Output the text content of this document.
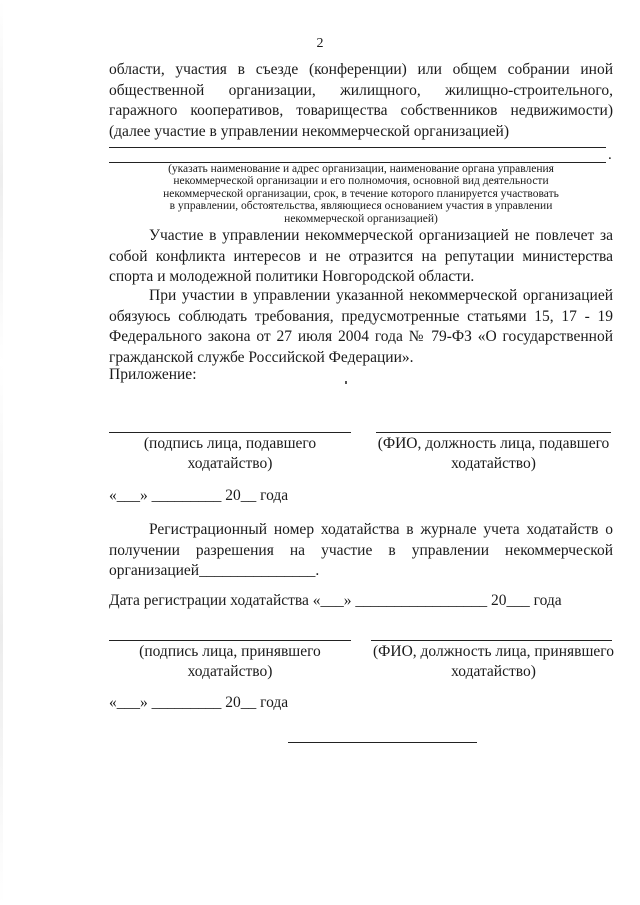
2
области, участия в съезде (конференции) или общем собрании иной общественной организации, жилищного, жилищно-строительного, гаражного кооперативов, товарищества собственников недвижимости) (далее участие в управлении некоммерческой организацией)
.
(указать наименование и адрес организации, наименование органа управления
некоммерческой организации и его полномочия, основной вид деятельности
некоммерческой организации, срок, в течение которого планируется участвовать
в управлении, обстоятельства, являющиеся основанием участия в управлении
некоммерческой организацией)
Участие в управлении некоммерческой организацией не повлечет за собой конфликта интересов и не отразится на репутации министерства спорта и молодежной политики Новгородской области.
При участии в управлении указанной некоммерческой организацией обязуюсь соблюдать требования, предусмотренные статьями 15, 17 - 19 Федерального закона от 27 июля 2004 года № 79-ФЗ «О государственной гражданской службе Российской Федерации».
Приложение:
(подпись лица, подавшего ходатайство)
(ФИО, должность лица, подавшего ходатайство)
«___» _________ 20__ года
Регистрационный номер ходатайства в журнале учета ходатайств о получении разрешения на участие в управлении некоммерческой организацией_______________.
Дата регистрации ходатайства «___» _________________ 20___ года
(подпись лица, принявшего ходатайство)
(ФИО, должность лица, принявшего ходатайство)
«___» _________ 20__ года
